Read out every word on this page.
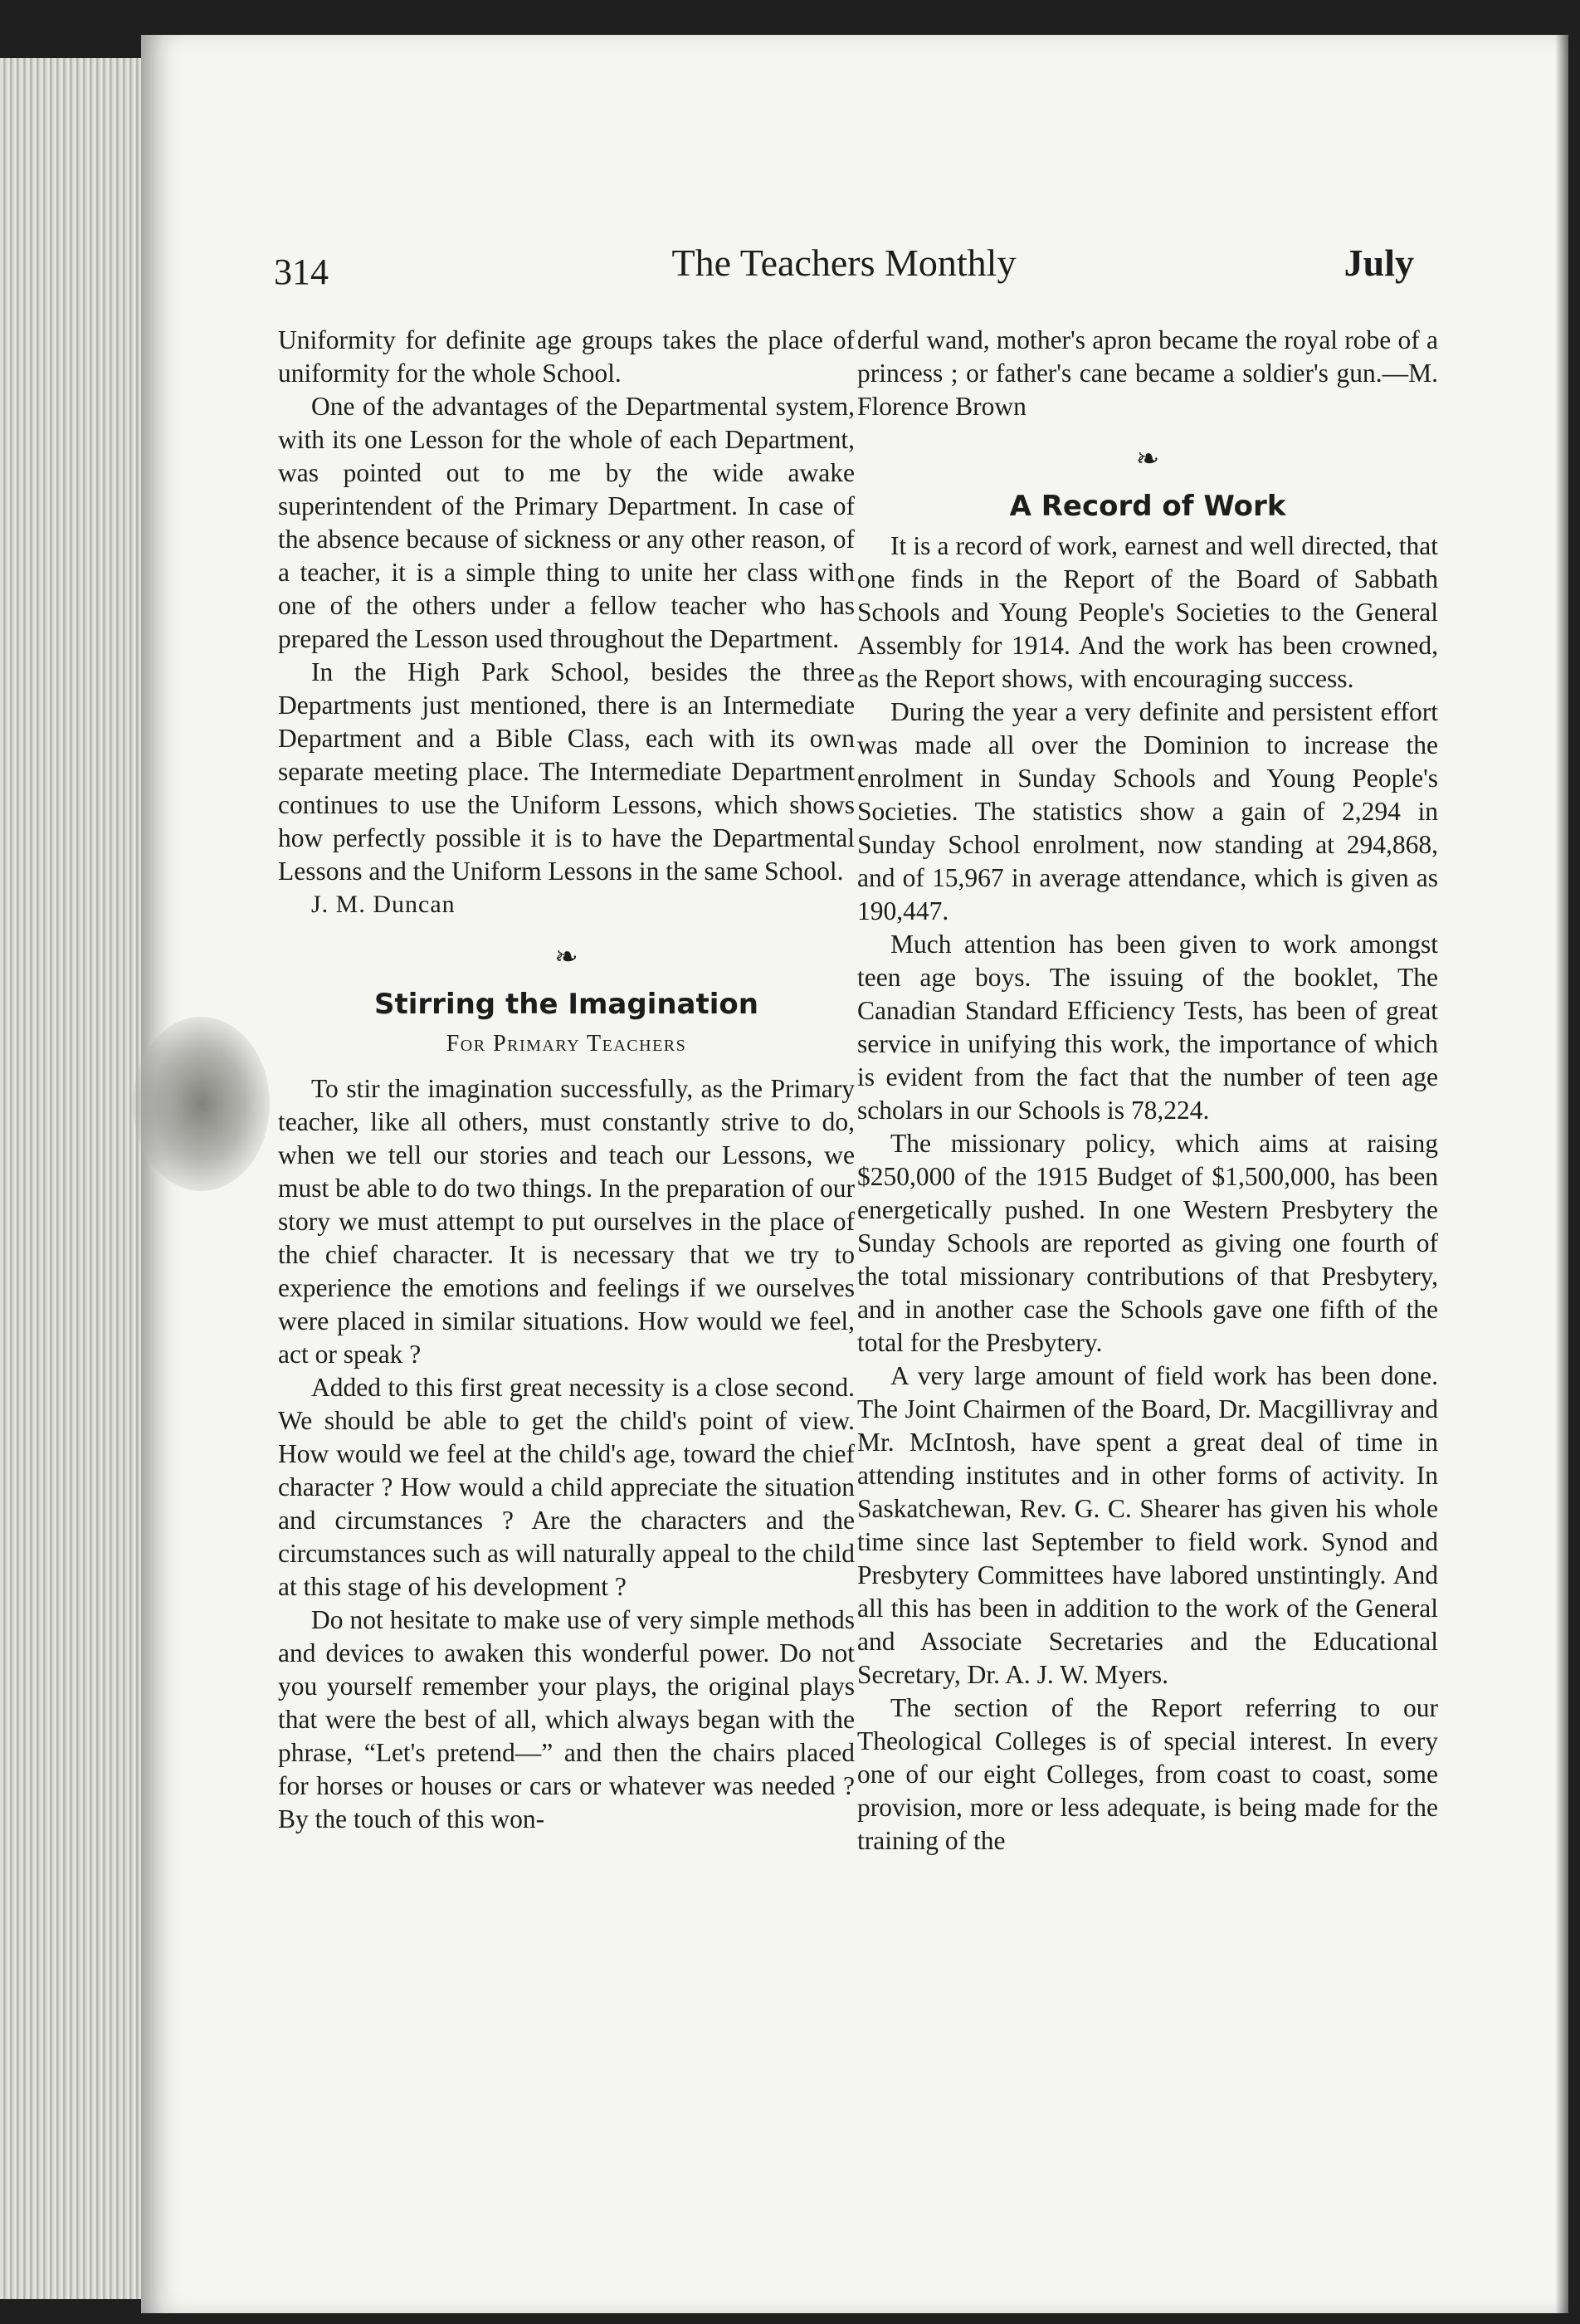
314	The Teachers Monthly	July

Uniformity for definite age groups takes the place of uniformity for the whole School.

One of the advantages of the Departmental system, with its one Lesson for the whole of each Department, was pointed out to me by the wide awake superintendent of the Primary Department. In case of the absence because of sickness or any other reason, of a teacher, it is a simple thing to unite her class with one of the others under a fellow teacher who has prepared the Lesson used throughout the Department.

In the High Park School, besides the three Departments just mentioned, there is an Intermediate Department and a Bible Class, each with its own separate meeting place. The Intermediate Department continues to use the Uniform Lessons, which shows how perfectly possible it is to have the Departmental Lessons and the Uniform Lessons in the same School.

J. M. Duncan

❧
Stirring the Imagination
For Primary Teachers

To stir the imagination successfully, as the Primary teacher, like all others, must constantly strive to do, when we tell our stories and teach our Lessons, we must be able to do two things. In the preparation of our story we must attempt to put ourselves in the place of the chief character. It is necessary that we try to experience the emotions and feelings if we ourselves were placed in similar situations. How would we feel, act or speak ?

Added to this first great necessity is a close second. We should be able to get the child's point of view. How would we feel at the child's age, toward the chief character ? How would a child appreciate the situation and circumstances ? Are the characters and the circumstances such as will naturally appeal to the child at this stage of his development ?

Do not hesitate to make use of very simple methods and devices to awaken this wonderful power. Do not you yourself remember your plays, the original plays that were the best of all, which always began with the phrase, “Let's pretend—” and then the chairs placed for horses or houses or cars or whatever was needed ? By the touch of this won-

derful wand, mother's apron became the royal robe of a princess ; or father's cane became a soldier's gun.—M. Florence Brown

❧
A Record of Work

It is a record of work, earnest and well directed, that one finds in the Report of the Board of Sabbath Schools and Young People's Societies to the General Assembly for 1914. And the work has been crowned, as the Report shows, with encouraging success.

During the year a very definite and persistent effort was made all over the Dominion to increase the enrolment in Sunday Schools and Young People's Societies. The statistics show a gain of 2,294 in Sunday School enrolment, now standing at 294,868, and of 15,967 in average attendance, which is given as 190,447.

Much attention has been given to work amongst teen age boys. The issuing of the booklet, The Canadian Standard Efficiency Tests, has been of great service in unifying this work, the importance of which is evident from the fact that the number of teen age scholars in our Schools is 78,224.

The missionary policy, which aims at raising $250,000 of the 1915 Budget of $1,500,000, has been energetically pushed. In one Western Presbytery the Sunday Schools are reported as giving one fourth of the total missionary contributions of that Presbytery, and in another case the Schools gave one fifth of the total for the Presbytery.

A very large amount of field work has been done. The Joint Chairmen of the Board, Dr. Macgillivray and Mr. McIntosh, have spent a great deal of time in attending institutes and in other forms of activity. In Saskatchewan, Rev. G. C. Shearer has given his whole time since last September to field work. Synod and Presbytery Committees have labored unstintingly. And all this has been in addition to the work of the General and Associate Secretaries and the Educational Secretary, Dr. A. J. W. Myers.

The section of the Report referring to our Theological Colleges is of special interest. In every one of our eight Colleges, from coast to coast, some provision, more or less adequate, is being made for the training of the
